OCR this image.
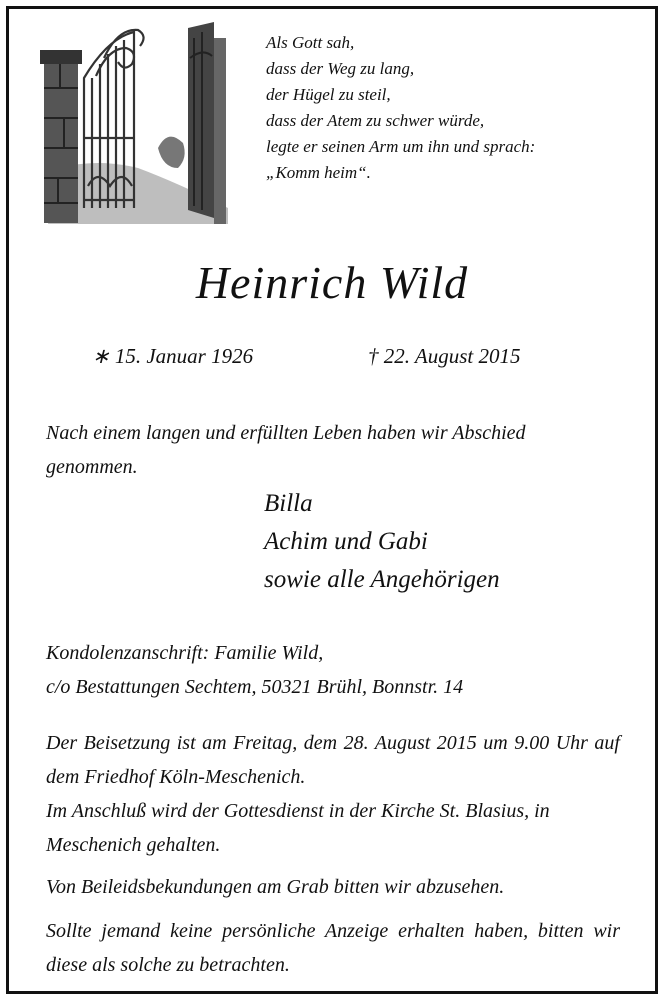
Als Gott sah,
dass der Weg zu lang,
der Hügel zu steil,
dass der Atem zu schwer würde,
legte er seinen Arm um ihn und sprach:
„Komm heim“.
Heinrich Wild
∗ 15. Januar 1926	† 22. August 2015
Nach einem langen und erfüllten Leben haben wir Abschied genommen.
Billa
Achim und Gabi
sowie alle Angehörigen
Kondolenzanschrift: Familie Wild,
c/o Bestattungen Sechtem, 50321 Brühl, Bonnstr. 14
Der Beisetzung ist am Freitag, dem 28. August 2015 um 9.00 Uhr auf dem Friedhof Köln-Meschenich.
Im Anschluß wird der Gottesdienst in der Kirche St. Blasius, in Meschenich gehalten.
Von Beileidsbekundungen am Grab bitten wir abzusehen.
Sollte jemand keine persönliche Anzeige erhalten haben, bitten wir diese als solche zu betrachten.
